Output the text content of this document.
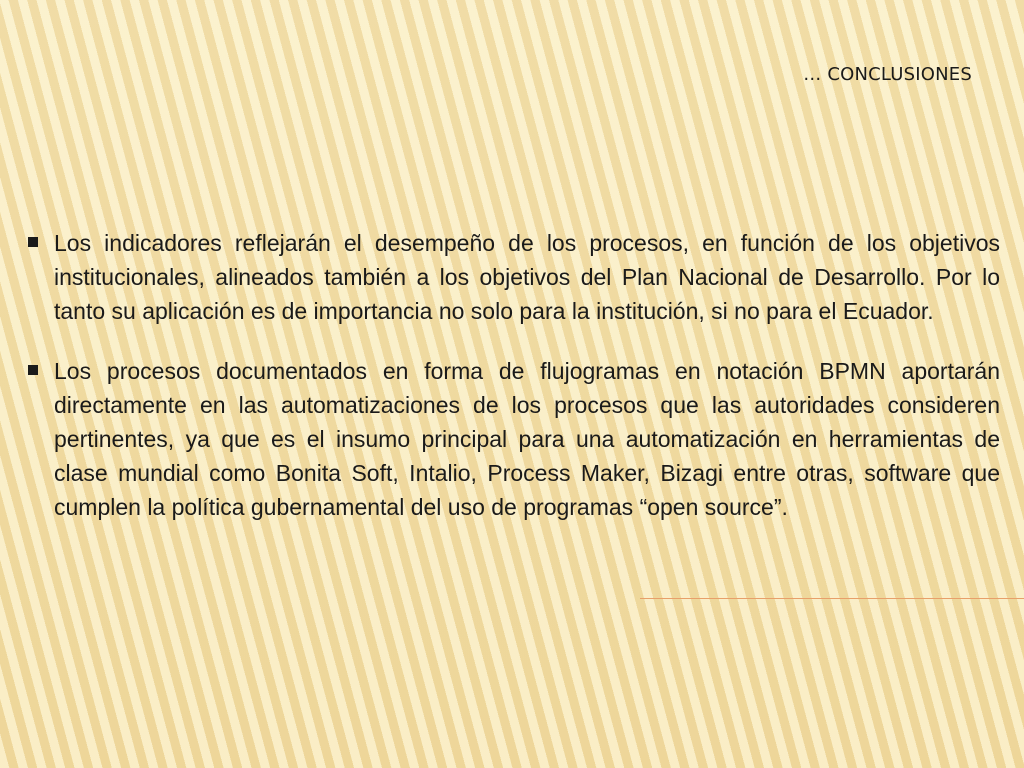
… CONCLUSIONES
Los indicadores reflejarán el desempeño de los procesos, en función de los objetivos institucionales, alineados también a los objetivos del Plan Nacional de Desarrollo. Por lo tanto su aplicación es de importancia no solo para la institución, si no para el Ecuador.
Los procesos documentados en forma de flujogramas en notación BPMN aportarán directamente en las automatizaciones de los procesos que las autoridades consideren pertinentes, ya que es el insumo principal para una automatización en herramientas de clase mundial como Bonita Soft, Intalio, Process Maker, Bizagi entre otras, software que cumplen la política gubernamental del uso de programas “open source”.
